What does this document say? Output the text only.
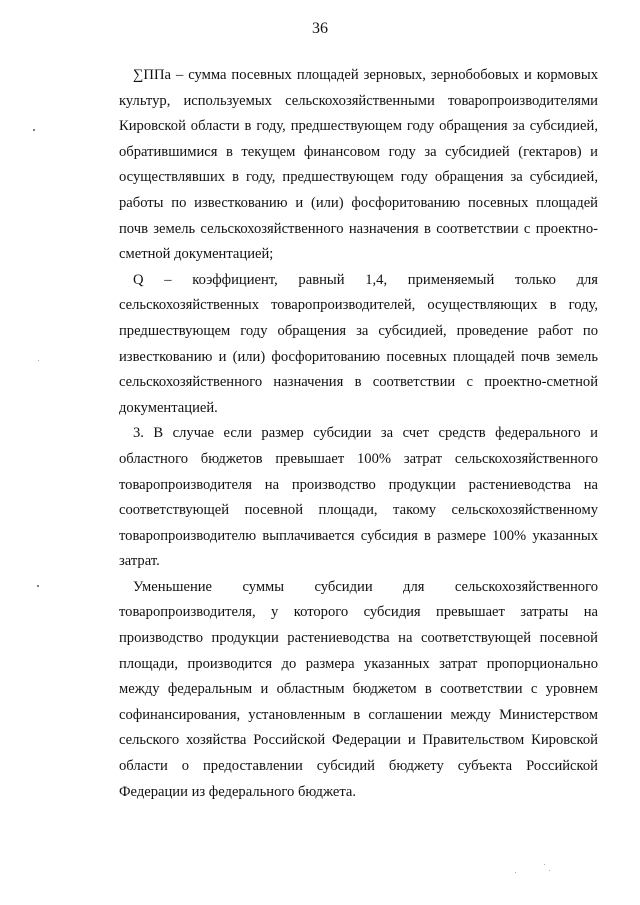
36

∑ППа – сумма посевных площадей зерновых, зернобобовых и кормовых культур, используемых сельскохозяйственными товаропроизводителями Кировской области в году, предшествующем году обращения за субсидией, обратившимися в текущем финансовом году за субсидией (гектаров) и осуществлявших в году, предшествующем году обращения за субсидией, работы по известкованию и (или) фосфоритованию посевных площадей почв земель сельскохозяйственного назначения в соответствии с проектно-сметной документацией;

Q – коэффициент, равный 1,4, применяемый только для сельскохозяйственных товаропроизводителей, осуществляющих в году, предшествующем году обращения за субсидией, проведение работ по известкованию и (или) фосфоритованию посевных площадей почв земель сельскохозяйственного назначения в соответствии с проектно-сметной документацией.

3. В случае если размер субсидии за счет средств федерального и областного бюджетов превышает 100% затрат сельскохозяйственного товаропроизводителя на производство продукции растениеводства на соответствующей посевной площади, такому сельскохозяйственному товаропроизводителю выплачивается субсидия в размере 100% указанных затрат.

Уменьшение суммы субсидии для сельскохозяйственного товаропроизводителя, у которого субсидия превышает затраты на производство продукции растениеводства на соответствующей посевной площади, производится до размера указанных затрат пропорционально между федеральным и областным бюджетом в соответствии с уровнем софинансирования, установленным в соглашении между Министерством сельского хозяйства Российской Федерации и Правительством Кировской области о предоставлении субсидий бюджету субъекта Российской Федерации из федерального бюджета.
